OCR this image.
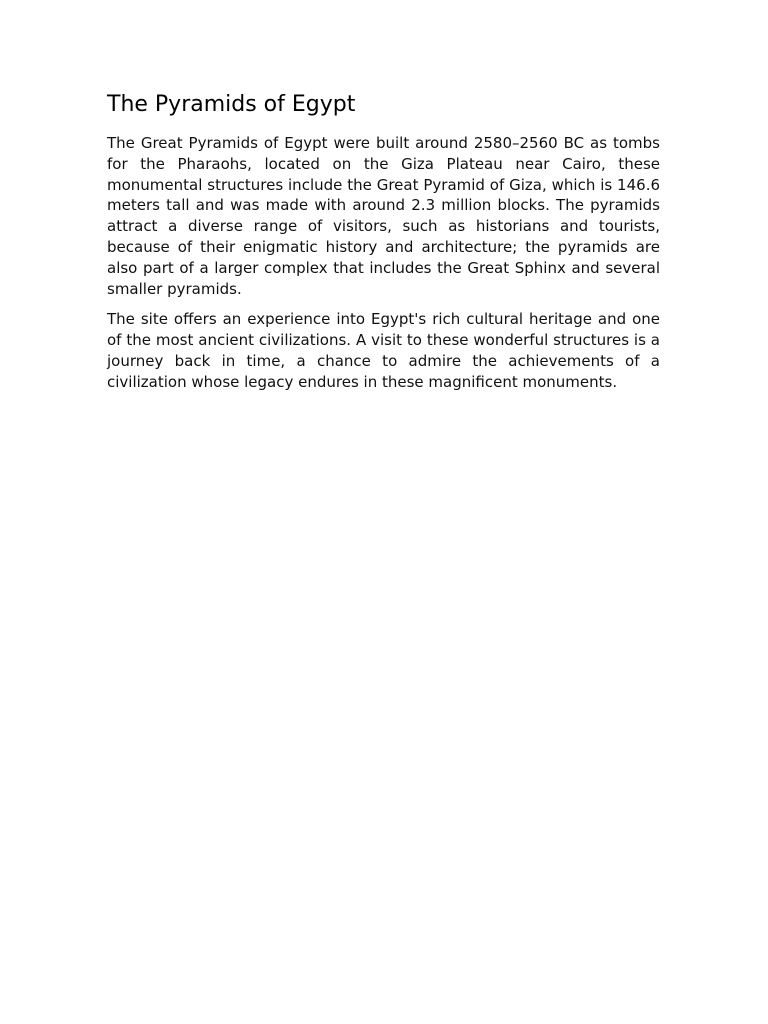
The Pyramids of Egypt

The Great Pyramids of Egypt were built around 2580–2560 BC as tombs for the Pharaohs, located on the Giza Plateau near Cairo, these monumental structures include the Great Pyramid of Giza, which is 146.6 meters tall and was made with around 2.3 million blocks. The pyramids attract a diverse range of visitors, such as historians and tourists, because of their enigmatic history and architecture; the pyramids are also part of a larger complex that includes the Great Sphinx and several smaller pyramids.

The site offers an experience into Egypt's rich cultural heritage and one of the most ancient civilizations. A visit to these wonderful structures is a journey back in time, a chance to admire the achievements of a civilization whose legacy endures in these magnificent monuments.
